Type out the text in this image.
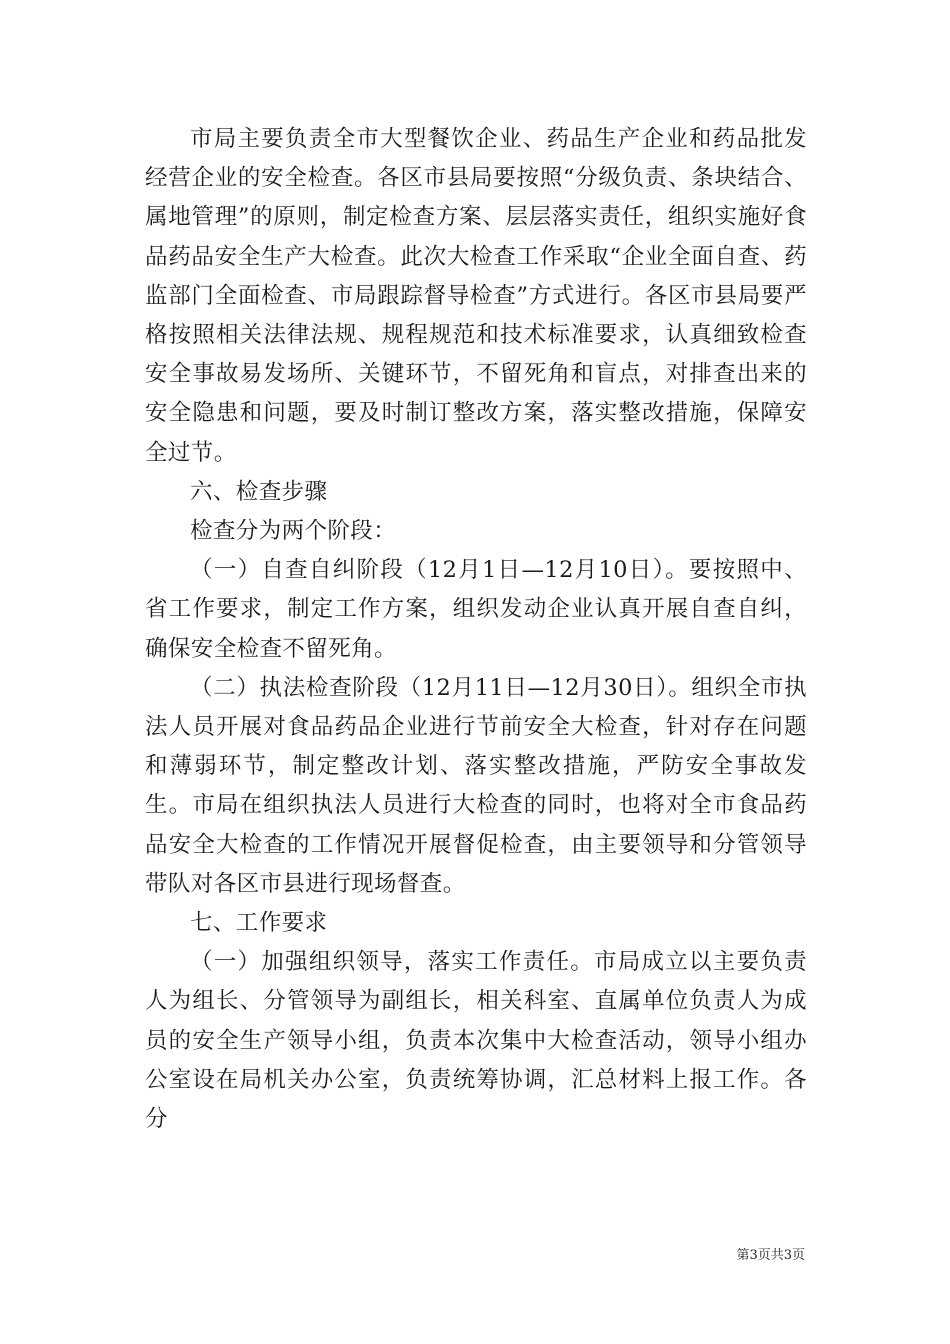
市局主要负责全市大型餐饮企业、药品生产企业和药品批发经营企业的安全检查。各区市县局要按照“分级负责、条块结合、属地管理”的原则，制定检查方案、层层落实责任，组织实施好食品药品安全生产大检查。此次大检查工作采取“企业全面自查、药监部门全面检查、市局跟踪督导检查”方式进行。各区市县局要严格按照相关法律法规、规程规范和技术标准要求，认真细致检查安全事故易发场所、关键环节，不留死角和盲点，对排查出来的安全隐患和问题，要及时制订整改方案，落实整改措施，保障安全过节。

六、检查步骤

检查分为两个阶段：

（一）自查自纠阶段（12月1日—12月10日）。要按照中、省工作要求，制定工作方案，组织发动企业认真开展自查自纠，确保安全检查不留死角。

（二）执法检查阶段（12月11日—12月30日）。组织全市执法人员开展对食品药品企业进行节前安全大检查，针对存在问题和薄弱环节，制定整改计划、落实整改措施，严防安全事故发生。市局在组织执法人员进行大检查的同时，也将对全市食品药品安全大检查的工作情况开展督促检查，由主要领导和分管领导带队对各区市县进行现场督查。

七、工作要求

（一）加强组织领导，落实工作责任。市局成立以主要负责人为组长、分管领导为副组长，相关科室、直属单位负责人为成员的安全生产领导小组，负责本次集中大检查活动，领导小组办公室设在局机关办公室，负责统筹协调，汇总材料上报工作。各分

第3页共3页
